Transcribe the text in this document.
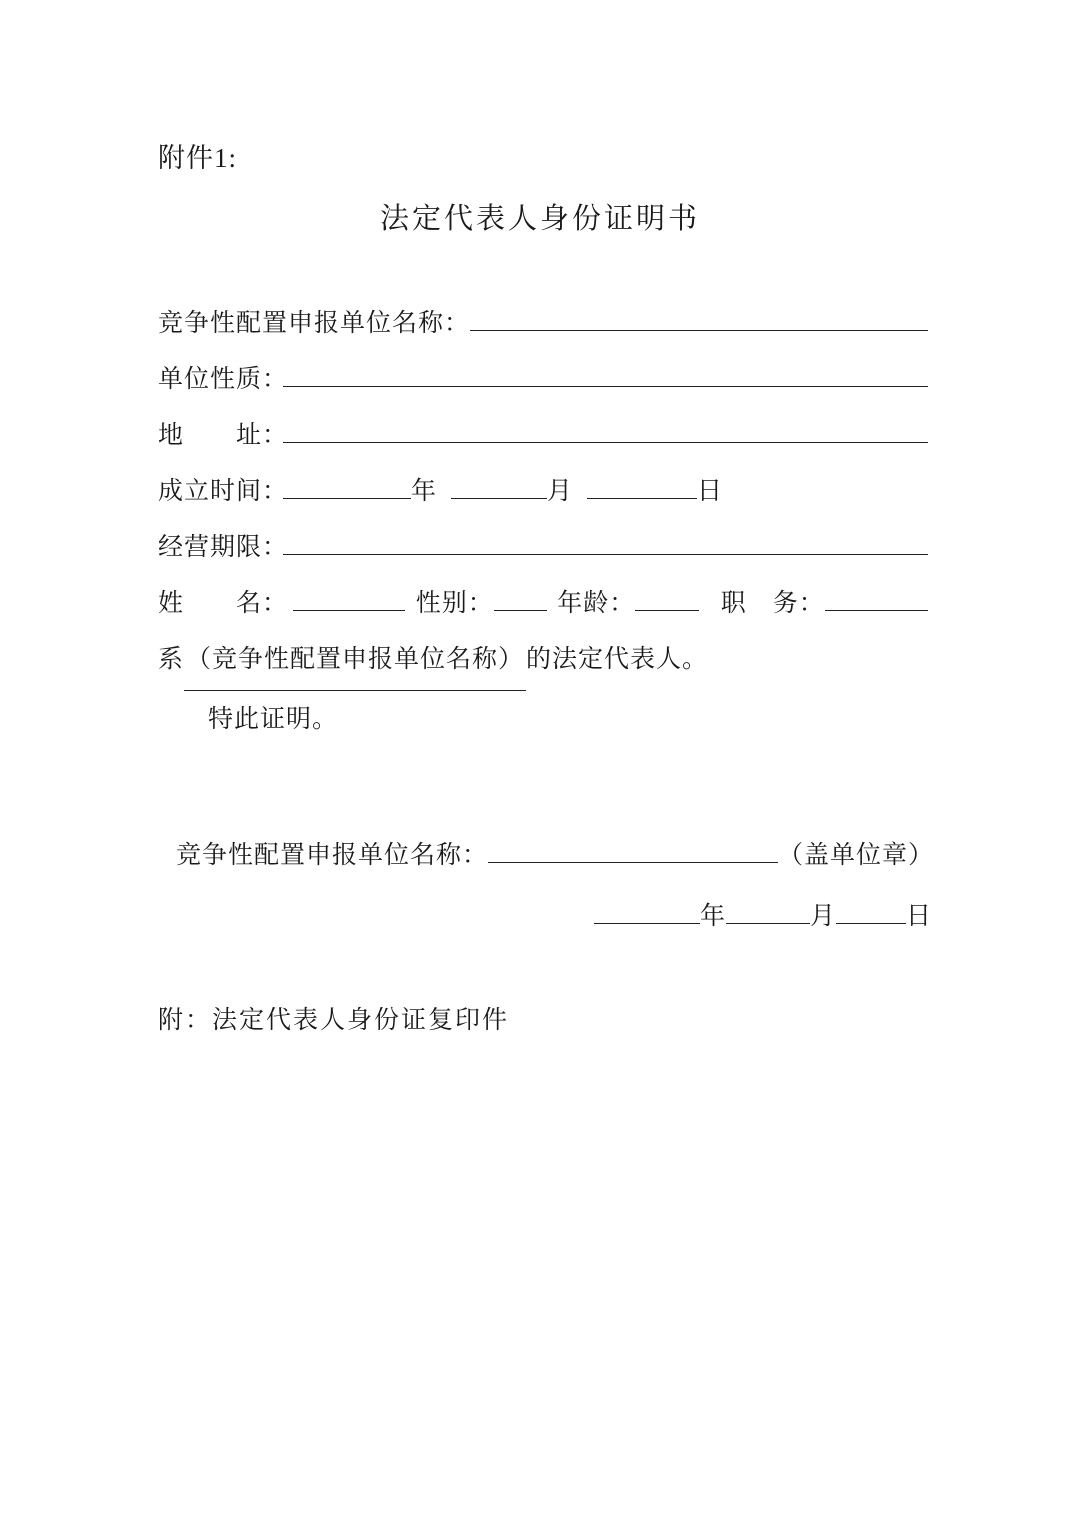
附件1:
法定代表人身份证明书
竞争性配置申报单位名称：
单位性质：
地　　址：
成立时间：	年	月	日
经营期限：
姓　　名：	性别：	年龄：	职　务：
系 （竞争性配置申报单位名称） 的法定代表人。
特此证明。
竞争性配置申报单位名称：	（盖单位章）
年	月	日
附：法定代表人身份证复印件
